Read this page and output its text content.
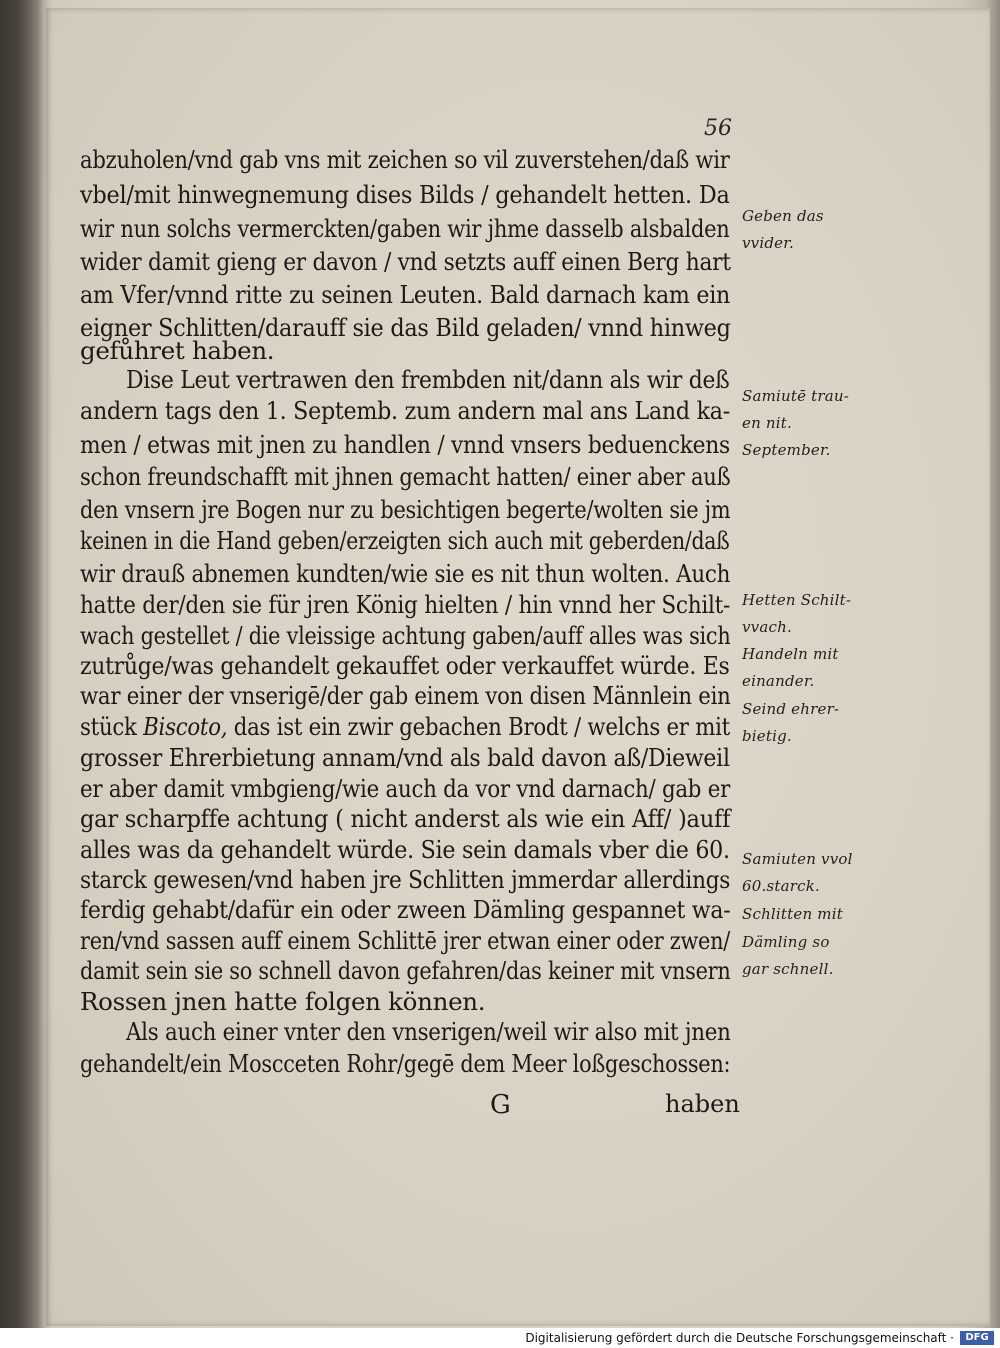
56
abzuholen/vnd gab vns mit zeichen so vil zuverstehen/daß wir
vbel/mit hinwegnemung dises Bilds / gehandelt hetten. Da
wir nun solchs vermerckten/gaben wir jhme dasselb alsbalden
wider damit gieng er davon / vnd setzts auff einen Berg hart
am Vfer/vnnd ritte zu seinen Leuten. Bald darnach kam ein
eigner Schlitten/darauff sie das Bild geladen/ vnnd hinweg
gefůhret haben.
Dise Leut vertrawen den frembden nit/dann als wir deß
andern tags den 1. Septemb. zum andern mal ans Land ka-
men / etwas mit jnen zu handlen / vnnd vnsers beduenckens
schon freundschafft mit jhnen gemacht hatten/ einer aber auß
den vnsern jre Bogen nur zu besichtigen begerte/wolten sie jm
keinen in die Hand geben/erzeigten sich auch mit geberden/daß
wir drauß abnemen kundten/wie sie es nit thun wolten. Auch
hatte der/den sie für jren König hielten / hin vnnd her Schilt-
wach gestellet / die vleissige achtung gaben/auff alles was sich
zutrůge/was gehandelt gekauffet oder verkauffet würde. Es
war einer der vnserigē/der gab einem von disen Männlein ein
stück Biscoto, das ist ein zwir gebachen Brodt / welchs er mit
grosser Ehrerbietung annam/vnd als bald davon aß/Dieweil
er aber damit vmbgieng/wie auch da vor vnd darnach/ gab er
gar scharpffe achtung ( nicht anderst als wie ein Aff/ )auff
alles was da gehandelt würde. Sie sein damals vber die 60.
starck gewesen/vnd haben jre Schlitten jmmerdar allerdings
ferdig gehabt/dafür ein oder zween Dämling gespannet wa-
ren/vnd sassen auff einem Schlittē jrer etwan einer oder zwen/
damit sein sie so schnell davon gefahren/das keiner mit vnsern
Rossen jnen hatte folgen können.
Als auch einer vnter den vnserigen/weil wir also mit jnen
gehandelt/ein Moscceten Rohr/gegē dem Meer loßgeschossen:
G	haben
Geben das
vvider.
Samiutē trau-
en nit.
September.
Hetten Schilt-
vvach.
Handeln mit
einander.
Seind ehrer-
bietig.
Samiuten vvol
60.starck.
Schlitten mit
Dämling so
gar schnell.
Digitalisierung gefördert durch die Deutsche Forschungsgemeinschaft ·	DFG
